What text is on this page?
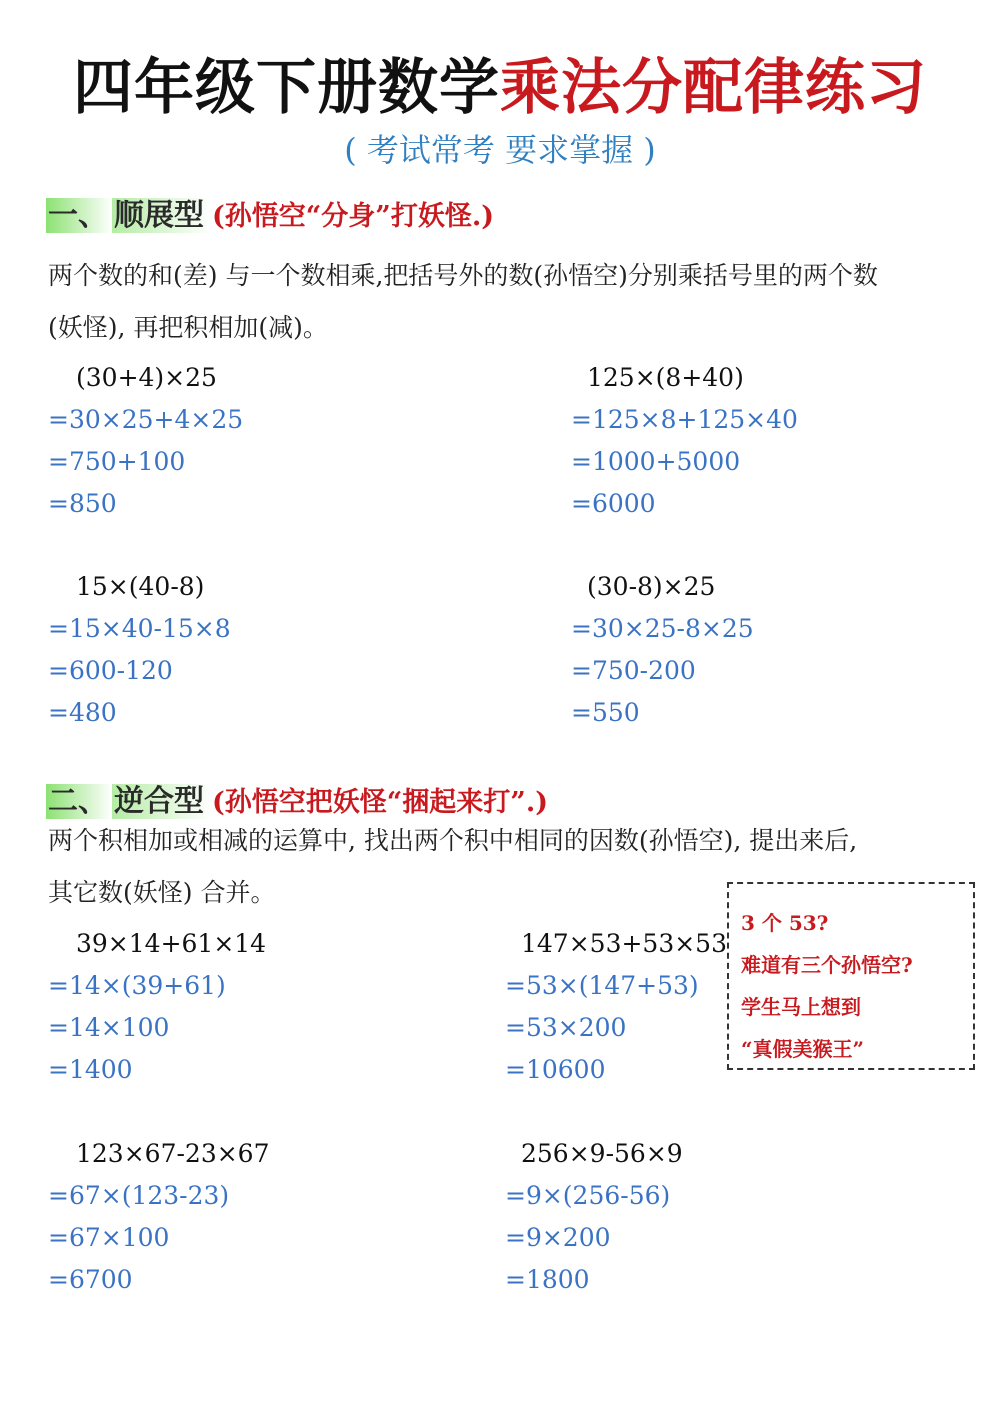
四年级下册数学乘法分配律练习
( 考试常考 要求掌握 )
一、 顺展型 (孙悟空“分身”打妖怪.)
两个数的和(差) 与一个数相乘,把括号外的数(孙悟空)分别乘括号里的两个数
(妖怪), 再把积相加(减)。
(30+4)×25
=30×25+4×25
=750+100
=850
125×(8+40)
=125×8+125×40
=1000+5000
=6000
15×(40-8)
=15×40-15×8
=600-120
=480
(30-8)×25
=30×25-8×25
=750-200
=550
二、 逆合型 (孙悟空把妖怪“捆起来打”.)
两个积相加或相减的运算中, 找出两个积中相同的因数(孙悟空), 提出来后,
其它数(妖怪) 合并。
39×14+61×14
=14×(39+61)
=14×100
=1400
147×53+53×53
=53×(147+53)
=53×200
=10600
123×67-23×67
=67×(123-23)
=67×100
=6700
256×9-56×9
=9×(256-56)
=9×200
=1800
3 个 53?
难道有三个孙悟空?
学生马上想到
“真假美猴王”
